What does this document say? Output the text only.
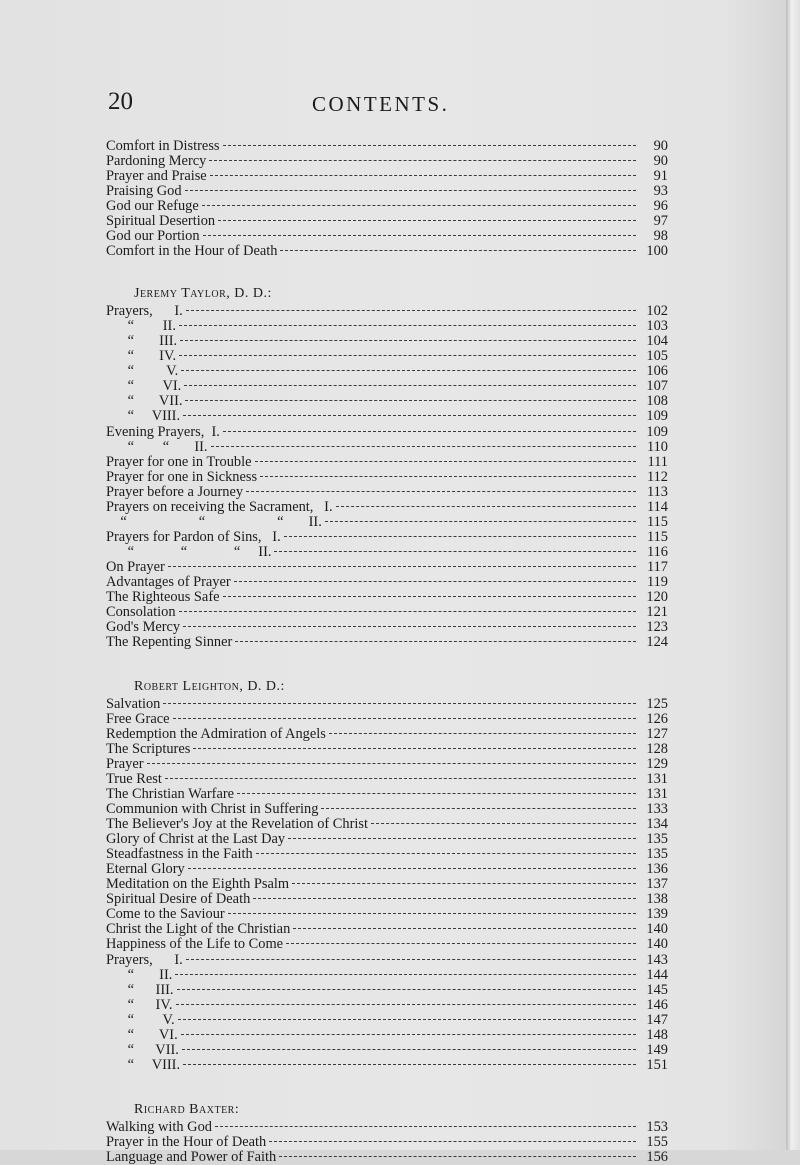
20	CONTENTS.
Comfort in Distress	90
Pardoning Mercy	90
Prayer and Praise	91
Praising God	93
God our Refuge	96
Spiritual Desertion	97
God our Portion	98
Comfort in the Hour of Death	100
Jeremy Taylor, D. D.:
Prayers,      I.	102
“        II.	103
“       III.	104
“       IV.	105
“         V.	106
“        VI.	107
“       VII.	108
“     VIII.	109
Evening Prayers,  I.	109
“        “       II.	110
Prayer for one in Trouble	111
Prayer for one in Sickness	112
Prayer before a Journey	113
Prayers on receiving the Sacrament,   I.	114
“                    “                    “       II.	115
Prayers for Pardon of Sins,   I.	115
“             “             “     II.	116
On Prayer	117
Advantages of Prayer	119
The Righteous Safe	120
Consolation	121
God's Mercy	123
The Repenting Sinner	124
Robert Leighton, D. D.:
Salvation	125
Free Grace	126
Redemption the Admiration of Angels	127
The Scriptures	128
Prayer	129
True Rest	131
The Christian Warfare	131
Communion with Christ in Suffering	133
The Believer's Joy at the Revelation of Christ	134
Glory of Christ at the Last Day	135
Steadfastness in the Faith	135
Eternal Glory	136
Meditation on the Eighth Psalm	137
Spiritual Desire of Death	138
Come to the Saviour	139
Christ the Light of the Christian	140
Happiness of the Life to Come	140
Prayers,      I.	143
“       II.	144
“      III.	145
“      IV.	146
“        V.	147
“       VI.	148
“      VII.	149
“     VIII.	151
Richard Baxter:
Walking with God	153
Prayer in the Hour of Death	155
Language and Power of Faith	156
